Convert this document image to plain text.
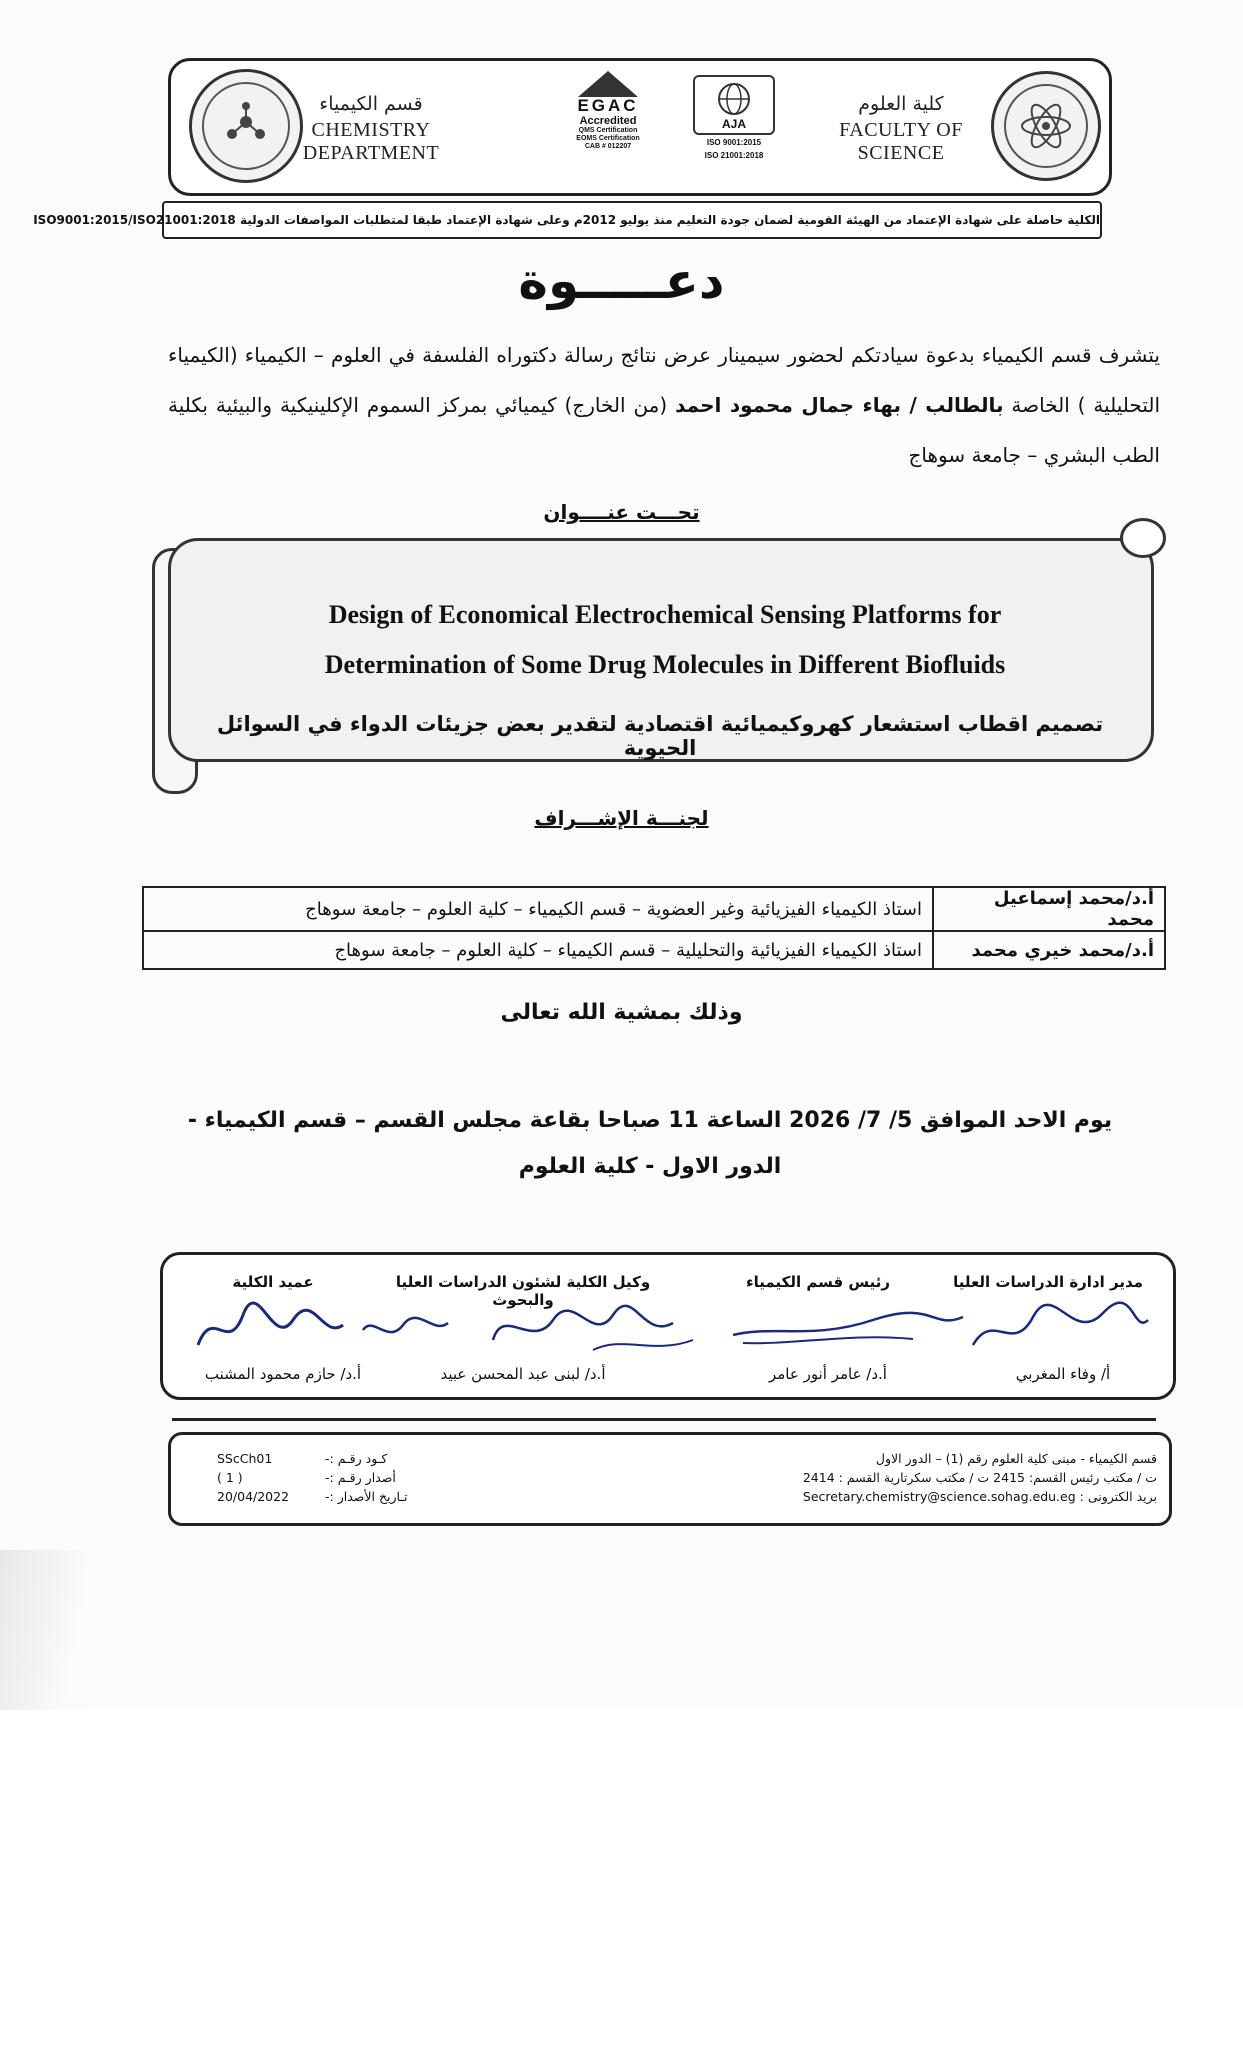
قسم الكيمياء
CHEMISTRY DEPARTMENT
EGAC
Accredited
QMS Certification
EOMS Certification
CAB # 012207
AJA
ISO 9001:2015
ISO 21001:2018
كلية العلوم
FACULTY OF SCIENCE
الكلية حاصلة على شهادة الإعتماد من الهيئة القومية لضمان جودة التعليم منذ يوليو 2012م وعلى شهادة الإعتماد طبقا لمتطلبات المواصفات الدولية ISO9001:2015/ISO21001:2018
دعـــــوة
يتشرف قسم الكيمياء بدعوة سيادتكم لحضور سيمينار عرض نتائج رسالة دكتوراه الفلسفة في العلوم – الكيمياء (الكيمياء التحليلية ) الخاصة بالطالب / بهاء جمال محمود احمد (من الخارج) كيميائي بمركز السموم الإكلينيكية والبيئية بكلية الطب البشري – جامعة سوهاج
تحـــت عنــــوان
Design of Economical Electrochemical Sensing Platforms for
Determination of Some Drug Molecules in Different Biofluids
تصميم اقطاب استشعار كهروكيميائية اقتصادية لتقدير بعض جزيئات الدواء في السوائل الحيوية
لجنـــة الإشـــراف
أ.د/محمد إسماعيل محمد	استاذ الكيمياء الفيزيائية وغير العضوية – قسم الكيمياء – كلية العلوم – جامعة سوهاج
أ.د/محمد خيري محمد	استاذ الكيمياء الفيزيائية والتحليلية – قسم الكيمياء – كلية العلوم – جامعة سوهاج
وذلك بمشية الله تعالى
يوم الاحد الموافق 5/ 7/ 2026 الساعة 11 صباحا بقاعة مجلس القسم – قسم الكيمياء - الدور الاول - كلية العلوم
مدير ادارة الدراسات العليا
رئيس قسم الكيمياء
وكيل الكلية لشئون الدراسات العليا والبحوث
عميد الكلية
أ/ وفاء المغربي
أ.د/ عامر أنور عامر
أ.د/ لبنى عبد المحسن عبيد
أ.د/ حازم محمود المشنب
قسم الكيمياء - مبنى كلية العلوم رقم (1) – الدور الاول
ت / مكتب رئيس القسم: 2415 ت / مكتب سكرتارية القسم : 2414
بريد الكترونى : Secretary.chemistry@science.sohag.edu.eg
SScCh01	كـود رقـم :-
( 1 )	أصدار رقـم :-
20/04/2022	تـاريخ الأصدار :-
